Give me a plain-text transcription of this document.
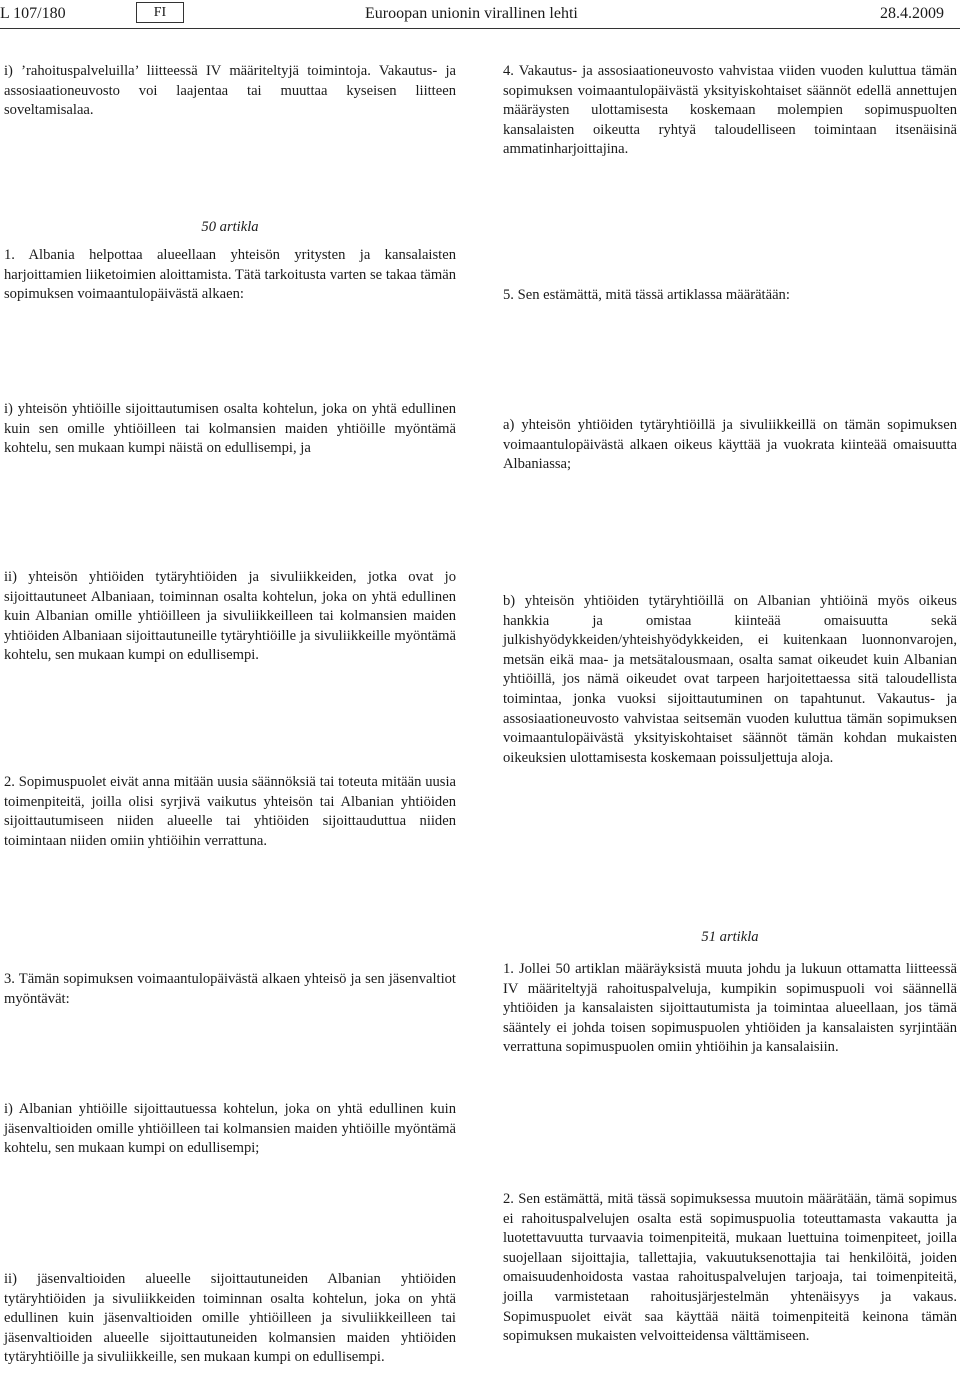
L 107/180	FI	Euroopan unionin virallinen lehti	28.4.2009
i) ’rahoituspalveluilla’ liitteessä IV määriteltyjä toimintoja. Vakautus- ja assosiaationeuvosto voi laajentaa tai muuttaa kyseisen liitteen soveltamisalaa.
50 artikla
1. Albania helpottaa alueellaan yhteisön yritysten ja kansalaisten harjoittamien liiketoimien aloittamista. Tätä tarkoitusta varten se takaa tämän sopimuksen voimaantulopäivästä alkaen:
i) yhteisön yhtiöille sijoittautumisen osalta kohtelun, joka on yhtä edullinen kuin sen omille yhtiöilleen tai kolmansien maiden yhtiöille myöntämä kohtelu, sen mukaan kumpi näistä on edullisempi, ja
ii) yhteisön yhtiöiden tytäryhtiöiden ja sivuliikkeiden, jotka ovat jo sijoittautuneet Albaniaan, toiminnan osalta kohtelun, joka on yhtä edullinen kuin Albanian omille yhtiöilleen ja sivuliikkeilleen tai kolmansien maiden yhtiöiden Albaniaan sijoittautuneille tytäryhtiöille ja sivuliikkeille myöntämä kohtelu, sen mukaan kumpi on edullisempi.
2. Sopimuspuolet eivät anna mitään uusia säännöksiä tai toteuta mitään uusia toimenpiteitä, joilla olisi syrjivä vaikutus yhteisön tai Albanian yhtiöiden sijoittautumiseen niiden alueelle tai yhtiöiden sijoittauduttua niiden toimintaan niiden omiin yhtiöihin verrattuna.
3. Tämän sopimuksen voimaantulopäivästä alkaen yhteisö ja sen jäsenvaltiot myöntävät:
i) Albanian yhtiöille sijoittautuessa kohtelun, joka on yhtä edullinen kuin jäsenvaltioiden omille yhtiöilleen tai kolmansien maiden yhtiöille myöntämä kohtelu, sen mukaan kumpi on edullisempi;
ii) jäsenvaltioiden alueelle sijoittautuneiden Albanian yhtiöiden tytäryhtiöiden ja sivuliikkeiden toiminnan osalta kohtelun, joka on yhtä edullinen kuin jäsenvaltioiden omille yhtiöilleen ja sivuliikkeilleen tai jäsenvaltioiden alueelle sijoittautuneiden kolmansien maiden yhtiöiden tytäryhtiöille ja sivuliikkeille, sen mukaan kumpi on edullisempi.
4. Vakautus- ja assosiaationeuvosto vahvistaa viiden vuoden kuluttua tämän sopimuksen voimaantulopäivästä yksityiskohtaiset säännöt edellä annettujen määräysten ulottamisesta koskemaan molempien sopimuspuolten kansalaisten oikeutta ryhtyä taloudelliseen toimintaan itsenäisinä ammatinharjoittajina.
5. Sen estämättä, mitä tässä artiklassa määrätään:
a) yhteisön yhtiöiden tytäryhtiöillä ja sivuliikkeillä on tämän sopimuksen voimaantulopäivästä alkaen oikeus käyttää ja vuokrata kiinteää omaisuutta Albaniassa;
b) yhteisön yhtiöiden tytäryhtiöillä on Albanian yhtiöinä myös oikeus hankkia ja omistaa kiinteää omaisuutta sekä julkishyödykkeiden/yhteishyödykkeiden, ei kuitenkaan luonnonvarojen, metsän eikä maa- ja metsätalousmaan, osalta samat oikeudet kuin Albanian yhtiöillä, jos nämä oikeudet ovat tarpeen harjoitettaessa sitä taloudellista toimintaa, jonka vuoksi sijoittautuminen on tapahtunut. Vakautus- ja assosiaationeuvosto vahvistaa seitsemän vuoden kuluttua tämän sopimuksen voimaantulopäivästä yksityiskohtaiset säännöt tämän kohdan mukaisten oikeuksien ulottamisesta koskemaan poissuljettuja aloja.
51 artikla
1. Jollei 50 artiklan määräyksistä muuta johdu ja lukuun ottamatta liitteessä IV määriteltyjä rahoituspalveluja, kumpikin sopimuspuoli voi säännellä yhtiöiden ja kansalaisten sijoittautumista ja toimintaa alueellaan, jos tämä sääntely ei johda toisen sopimuspuolen yhtiöiden ja kansalaisten syrjintään verrattuna sopimuspuolen omiin yhtiöihin ja kansalaisiin.
2. Sen estämättä, mitä tässä sopimuksessa muutoin määrätään, tämä sopimus ei rahoituspalvelujen osalta estä sopimuspuolia toteuttamasta vakautta ja luotettavuutta turvaavia toimenpiteitä, mukaan luettuina toimenpiteet, joilla suojellaan sijoittajia, tallettajia, vakuutuksenottajia tai henkilöitä, joiden omaisuudenhoidosta vastaa rahoituspalvelujen tarjoaja, tai toimenpiteitä, joilla varmistetaan rahoitusjärjestelmän yhtenäisyys ja vakaus. Sopimuspuolet eivät saa käyttää näitä toimenpiteitä keinona tämän sopimuksen mukaisten velvoitteidensa välttämiseen.
